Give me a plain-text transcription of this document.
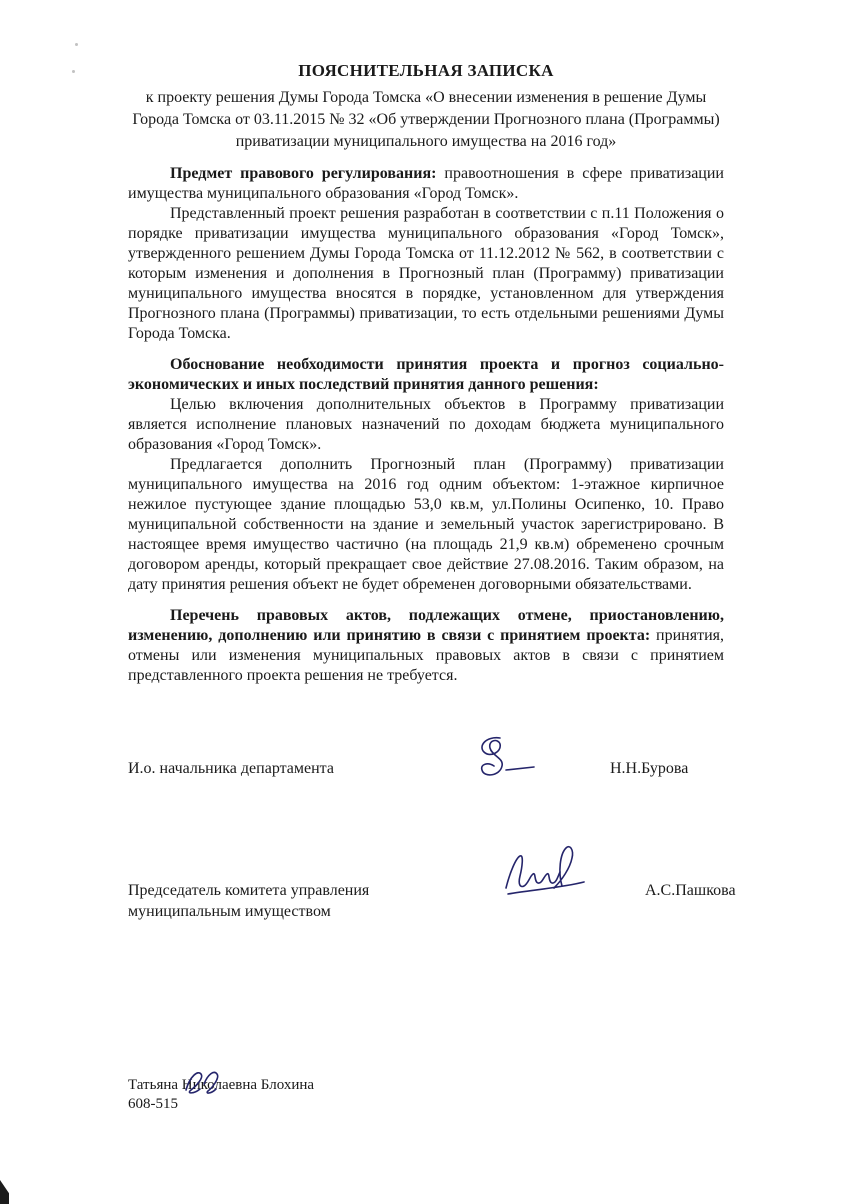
ПОЯСНИТЕЛЬНАЯ ЗАПИСКА

к проекту решения Думы Города Томска «О внесении изменения в решение Думы Города Томска от 03.11.2015 № 32 «Об утверждении Прогнозного плана (Программы) приватизации муниципального имущества на 2016 год»

Предмет правового регулирования: правоотношения в сфере приватизации имущества муниципального образования «Город Томск».

Представленный проект решения разработан в соответствии с п.11 Положения о порядке приватизации имущества муниципального образования «Город Томск», утвержденного решением Думы Города Томска от 11.12.2012 № 562, в соответствии с которым изменения и дополнения в Прогнозный план (Программу) приватизации муниципального имущества вносятся в порядке, установленном для утверждения Прогнозного плана (Программы) приватизации, то есть отдельными решениями Думы Города Томска.

Обоснование необходимости принятия проекта и прогноз социально-экономических и иных последствий принятия данного решения:

Целью включения дополнительных объектов в Программу приватизации является исполнение плановых назначений по доходам бюджета муниципального образования «Город Томск».

Предлагается дополнить Прогнозный план (Программу) приватизации муниципального имущества на 2016 год одним объектом: 1-этажное кирпичное нежилое пустующее здание площадью 53,0 кв.м, ул.Полины Осипенко, 10. Право муниципальной собственности на здание и земельный участок зарегистрировано. В настоящее время имущество частично (на площадь 21,9 кв.м) обременено срочным договором аренды, который прекращает свое действие 27.08.2016. Таким образом, на дату принятия решения объект не будет обременен договорными обязательствами.

Перечень правовых актов, подлежащих отмене, приостановлению, изменению, дополнению или принятию в связи с принятием проекта: принятия, отмены или изменения муниципальных правовых актов в связи с принятием представленного проекта решения не требуется.

И.о. начальника департамента	Н.Н.Бурова
Председатель комитета управления муниципальным имуществом
А.С.Пашкова
Татьяна Николаевна Блохина
608-515
